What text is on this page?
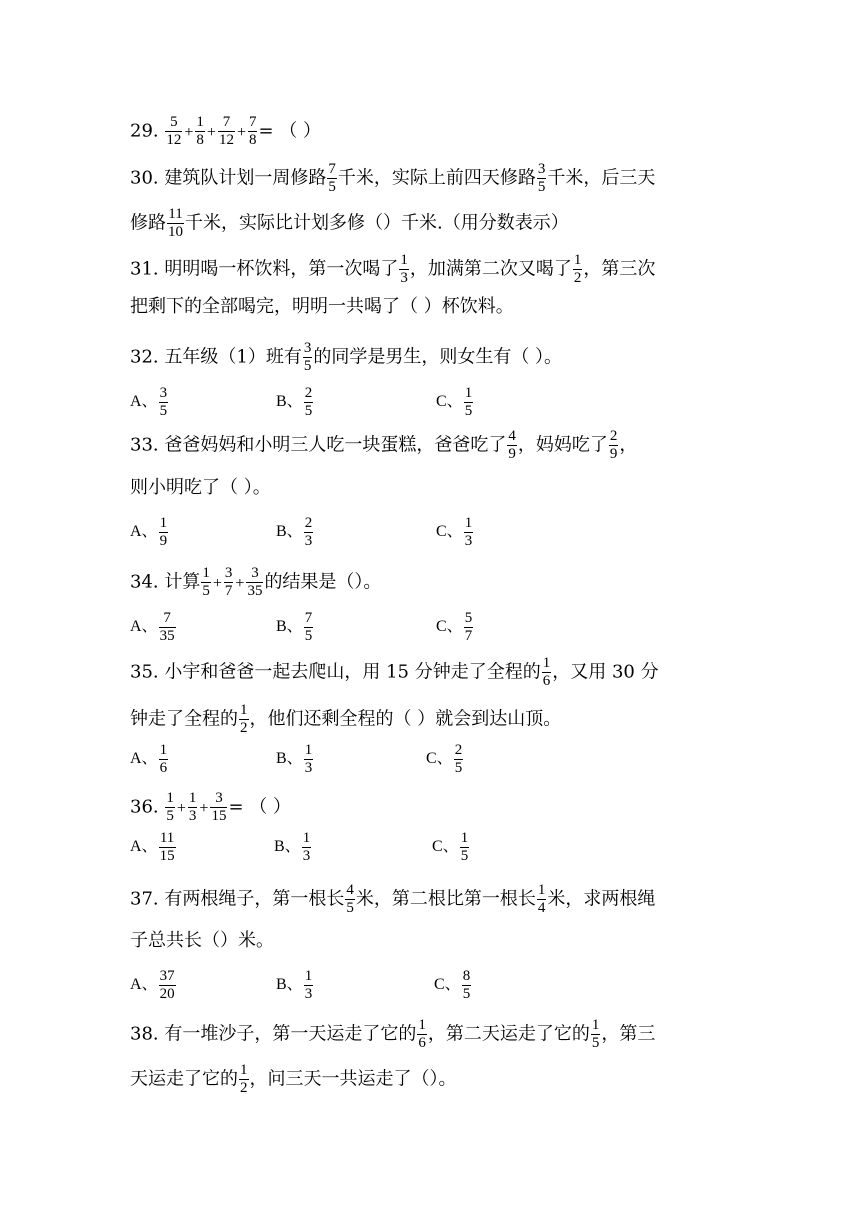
29. $\frac{5}{12} + \frac{1}{8} + \frac{7}{12} + \frac{7}{8}$ = （ ）
30. 建筑队计划一周修路 $\frac{7}{5}$ 千米，实际上前四天修路 $\frac{3}{5}$ 千米，后三天
修路 $\frac{11}{10}$ 千米，实际比计划多修（）千米.（用分数表示）
31. 明明喝一杯饮料，第一次喝了 $\frac{1}{3}$ ，加满第二次又喝了 $\frac{1}{2}$ ，第三次
把剩下的全部喝完，明明一共喝了（ ）杯饮料。
32. 五年级（1）班有 $\frac{3}{5}$ 的同学是男生，则女生有（ ）。
A、 $\frac{3}{5}$	B、 $\frac{2}{5}$	C、 $\frac{1}{5}$
33. 爸爸妈妈和小明三人吃一块蛋糕，爸爸吃了 $\frac{4}{9}$ ，妈妈吃了 $\frac{2}{9}$ ，
则小明吃了（ ）。
A、 $\frac{1}{9}$	B、 $\frac{2}{3}$	C、 $\frac{1}{3}$
34. 计算 $\frac{1}{5} + \frac{3}{7} + \frac{3}{35}$ 的结果是（）。
A、 $\frac{7}{35}$	B、 $\frac{7}{5}$	C、 $\frac{5}{7}$
35. 小宇和爸爸一起去爬山，用 15 分钟走了全程的 $\frac{1}{6}$ ，又用 30 分
钟走了全程的 $\frac{1}{2}$ ，他们还剩全程的（ ）就会到达山顶。
A、 $\frac{1}{6}$	B、 $\frac{1}{3}$	C、 $\frac{2}{5}$
36. $\frac{1}{5} + \frac{1}{3} + \frac{3}{15}$ = （ ）
A、 $\frac{11}{15}$	B、 $\frac{1}{3}$	C、 $\frac{1}{5}$
37. 有两根绳子，第一根长 $\frac{4}{5}$ 米，第二根比第一根长 $\frac{1}{4}$ 米，求两根绳
子总共长（）米。
A、 $\frac{37}{20}$	B、 $\frac{1}{3}$	C、 $\frac{8}{5}$
38. 有一堆沙子，第一天运走了它的 $\frac{1}{6}$ ，第二天运走了它的 $\frac{1}{5}$ ，第三
天运走了它的 $\frac{1}{2}$ ，问三天一共运走了（）。
